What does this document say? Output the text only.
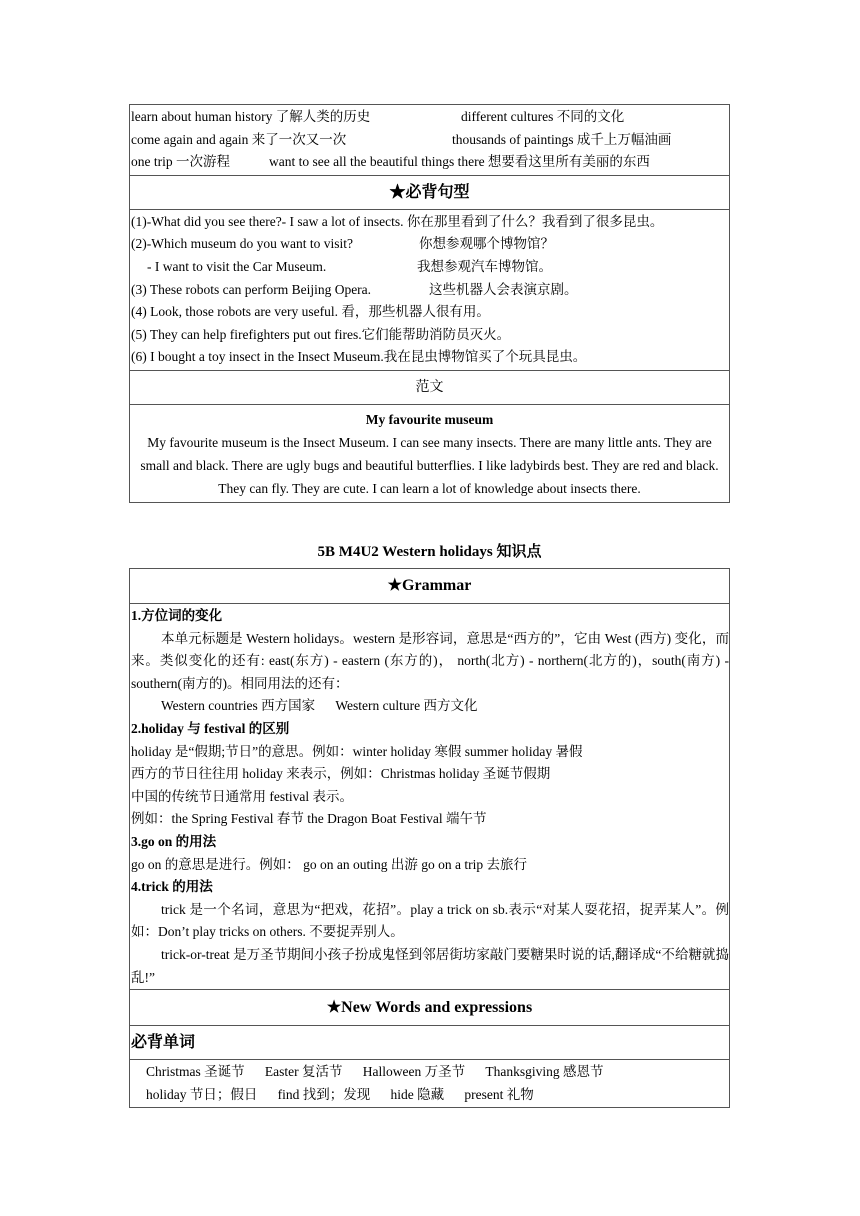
learn about human history 了解人类的历史	different cultures 不同的文化
come again and again 来了一次又一次	thousands of paintings 成千上万幅油画
one trip 一次游程	want to see all the beautiful things there 想要看这里所有美丽的东西
★必背句型
(1)-What did you see there?- I saw a lot of insects. 你在那里看到了什么？我看到了很多昆虫。
(2)-Which museum do you want to visit?	你想参观哪个博物馆？
- I want to visit the Car Museum.	我想参观汽车博物馆。
(3) These robots can perform Beijing Opera.	这些机器人会表演京剧。
(4) Look, those robots are very useful. 看，那些机器人很有用。
(5) They can help firefighters put out fires.它们能帮助消防员灭火。
(6) I bought a toy insect in the Insect Museum.我在昆虫博物馆买了个玩具昆虫。
范文
My favourite museum
My favourite museum is the Insect Museum. I can see many insects. There are many little ants. They are small and black. There are ugly bugs and beautiful butterflies. I like ladybirds best. They are red and black. They can fly. They are cute. I can learn a lot of knowledge about insects there.
5B M4U2 Western holidays 知识点
★Grammar
1.方位词的变化
本单元标题是 Western holidays。western 是形容词，意思是“西方的”，它由 West (西方) 变化，而来。类似变化的还有: east(东方) - eastern (东方的)， north(北方) - northern(北方的)，south(南方) - southern(南方的)。相同用法的还有：
Western countries 西方国家      Western culture 西方文化
2.holiday 与 festival 的区别
holiday 是“假期;节日”的意思。例如：winter holiday 寒假 summer holiday 暑假
西方的节日往往用 holiday 来表示，例如：Christmas holiday 圣诞节假期
中国的传统节日通常用 festival 表示。
例如：the Spring Festival 春节 the Dragon Boat Festival 端午节
3.go on 的用法
go on 的意思是进行。例如： go on an outing 出游 go on a trip 去旅行
4.trick 的用法
trick 是一个名词，意思为“把戏，花招”。play a trick on sb.表示“对某人耍花招，捉弄某人”。例如：Don’t play tricks on others. 不要捉弄别人。
trick-or-treat 是万圣节期间小孩子扮成鬼怪到邻居街坊家敲门要糖果时说的话,翻译成“不给糖就捣乱!”
★New Words and expressions
必背单词
Christmas 圣诞节      Easter 复活节      Halloween 万圣节      Thanksgiving 感恩节
holiday 节日；假日      find 找到；发现      hide 隐藏      present 礼物
